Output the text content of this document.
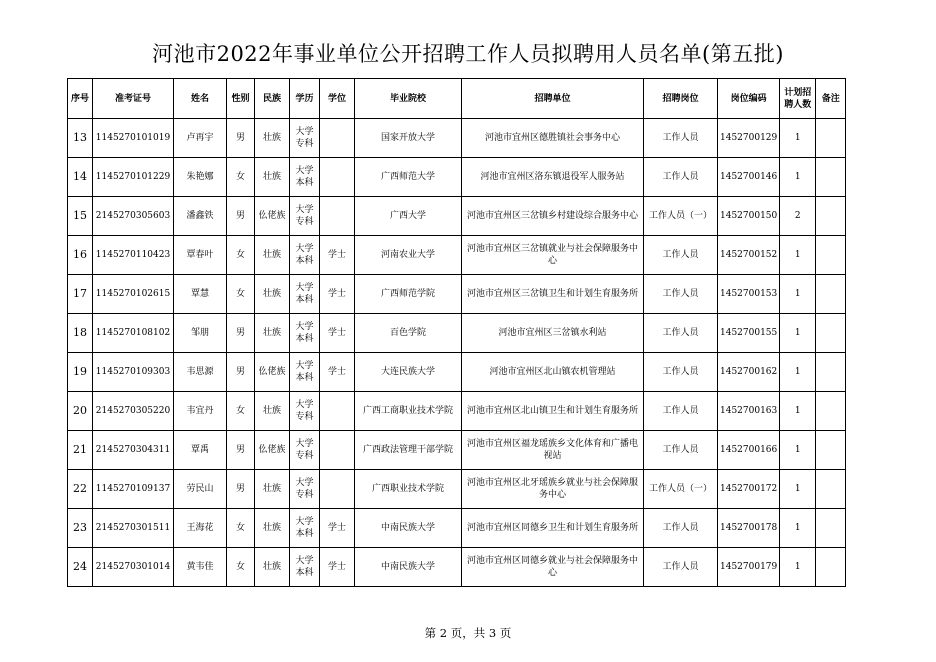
河池市2022年事业单位公开招聘工作人员拟聘用人员名单(第五批)
序号	准考证号	姓名	性别	民族	学历	学位	毕业院校	招聘单位	招聘岗位	岗位编码	计划招聘人数	备注
13	1145270101019	卢再宇	男	壮族	大学专科		国家开放大学	河池市宜州区德胜镇社会事务中心	工作人员	1452700129	1	
14	1145270101229	朱艳娜	女	壮族	大学本科		广西师范大学	河池市宜州区洛东镇退役军人服务站	工作人员	1452700146	1	
15	2145270305603	潘鑫铁	男	仫佬族	大学专科		广西大学	河池市宜州区三岔镇乡村建设综合服务中心	工作人员（一）	1452700150	2	
16	1145270110423	覃春叶	女	壮族	大学本科	学士	河南农业大学	河池市宜州区三岔镇就业与社会保障服务中心	工作人员	1452700152	1	
17	1145270102615	覃慧	女	壮族	大学本科	学士	广西师范学院	河池市宜州区三岔镇卫生和计划生育服务所	工作人员	1452700153	1	
18	1145270108102	邹朋	男	壮族	大学本科	学士	百色学院	河池市宜州区三岔镇水利站	工作人员	1452700155	1	
19	1145270109303	韦思源	男	仫佬族	大学本科	学士	大连民族大学	河池市宜州区北山镇农机管理站	工作人员	1452700162	1	
20	2145270305220	韦宜丹	女	壮族	大学专科		广西工商职业技术学院	河池市宜州区北山镇卫生和计划生育服务所	工作人员	1452700163	1	
21	2145270304311	覃禹	男	仫佬族	大学专科		广西政法管理干部学院	河池市宜州区福龙瑶族乡文化体育和广播电视站	工作人员	1452700166	1	
22	1145270109137	劳民山	男	壮族	大学专科		广西职业技术学院	河池市宜州区北牙瑶族乡就业与社会保障服务中心	工作人员（一）	1452700172	1	
23	2145270301511	王海花	女	壮族	大学本科	学士	中南民族大学	河池市宜州区同德乡卫生和计划生育服务所	工作人员	1452700178	1	
24	2145270301014	黄韦佳	女	壮族	大学本科	学士	中南民族大学	河池市宜州区同德乡就业与社会保障服务中心	工作人员	1452700179	1	
第 2 页，共 3 页
